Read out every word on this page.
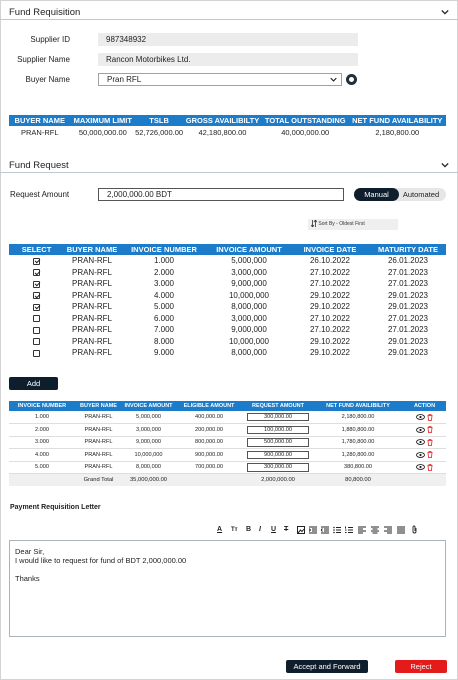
Fund Requisition
Supplier ID	987348932
Supplier Name	Rancon Motorbikes Ltd.
Buyer Name	Pran RFL
BUYER NAME	MAXIMUM LIMIT	TSLB	GROSS AVAILIBILTY	TOTAL OUTSTANDING	NET FUND AVAILABILITY
PRAN-RFL	50,000,000.00	52,726,000.00	42,180,800.00	40,000,000.00	2,180,800.00
Fund Request
Request Amount	2,000,000.00 BDT	Manual	Automated
Sort By - Oldest First
SELECT	BUYER NAME	INVOICE NUMBER	INVOICE AMOUNT	INVOICE DATE	MATURITY DATE
	PRAN-RFL	1.000	5,000,000	26.10.2022	26.01.2023
	PRAN-RFL	2.000	3,000,000	27.10.2022	27.01.2023
	PRAN-RFL	3.000	9,000,000	27.10.2022	27.01.2023
	PRAN-RFL	4.000	10,000,000	29.10.2022	29.01.2023
	PRAN-RFL	5.000	8,000,000	29.10.2022	29.01.2023
	PRAN-RFL	6.000	3,000,000	27.10.2022	27.01.2023
	PRAN-RFL	7.000	9,000,000	27.10.2022	27.01.2023
	PRAN-RFL	8.000	10,000,000	29.10.2022	29.01.2023
	PRAN-RFL	9.000	8,000,000	29.10.2022	29.01.2023
Add
INVOICE NUMBER	BUYER NAME	INVOICE AMOUNT	ELIGIBLE AMOUNT	REQUEST AMOUNT	NET FUND AVAILIBILITY	ACTION
1.000	PRAN-RFL	5,000,000	400,000.00	300,000.00	2,180,800.00	
2.000	PRAN-RFL	3,000,000	200,000.00	100,000.00	1,880,800.00	
3.000	PRAN-RFL	9,000,000	800,000.00	500,000.00	1,780,800.00	
4.000	PRAN-RFL	10,000,000	900,000.00	900,000.00	1,280,800.00	
5.000	PRAN-RFL	8,000,000	700,000.00	300,000.00	380,800.00	
	Grand Total	35,000,000.00		2,000,000.00	80,800.00	
Payment Requisition Letter
A Tт B I U T
Dear Sir,
I would like to request for fund of BDT 2,000,000.00
Thanks
Accept and Forward	Reject
